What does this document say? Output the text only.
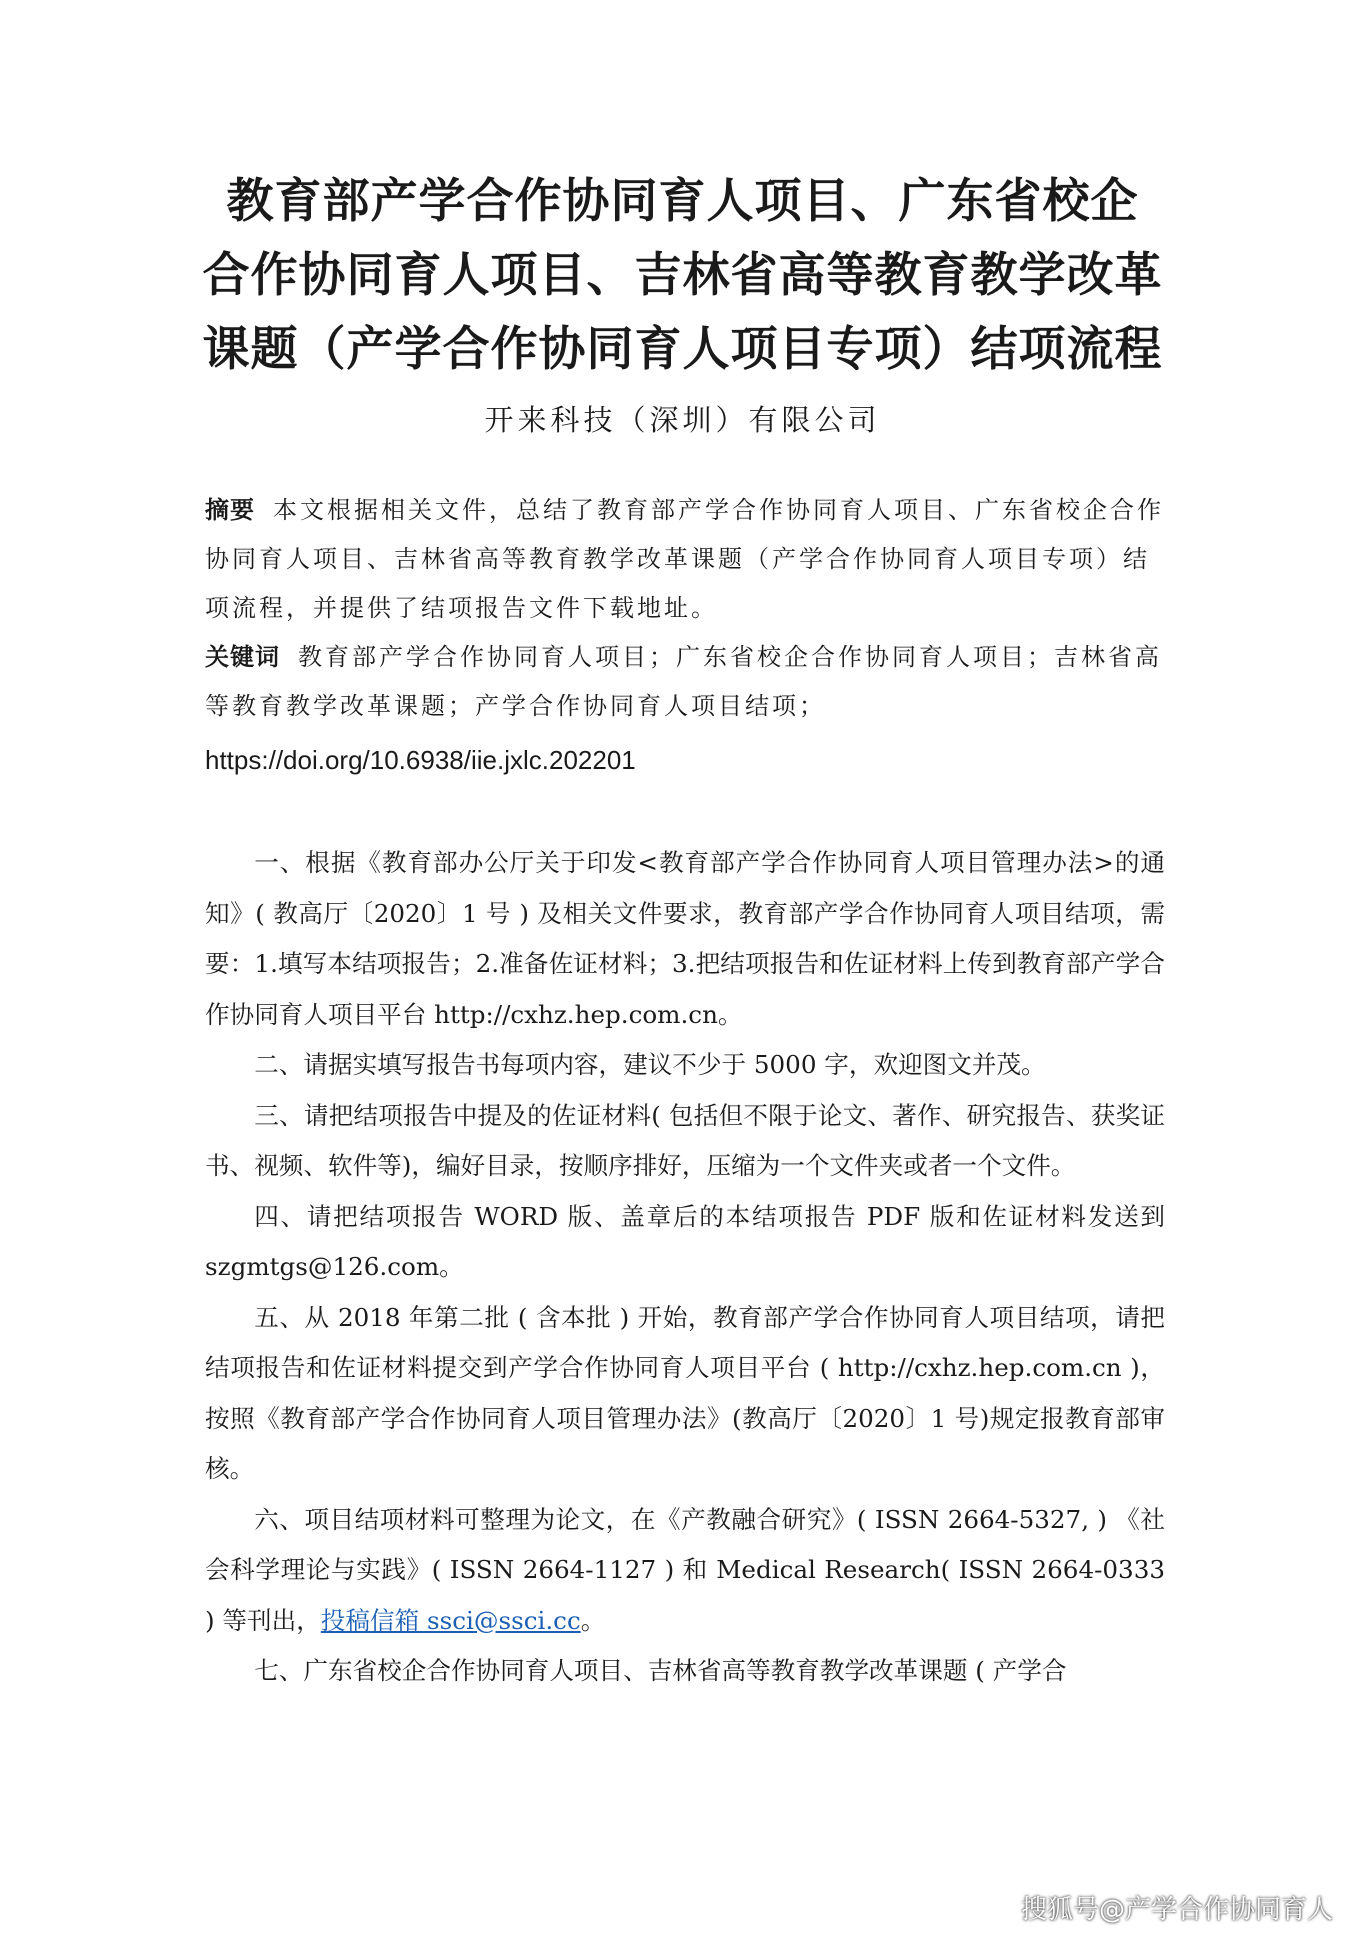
教育部产学合作协同育人项目、广东省校企
合作协同育人项目、吉林省高等教育教学改革
课题（产学合作协同育人项目专项）结项流程
开来科技（深圳）有限公司
摘要 本文根据相关文件，总结了教育部产学合作协同育人项目、广东省校企合作协同育人项目、吉林省高等教育教学改革课题（产学合作协同育人项目专项）结项流程，并提供了结项报告文件下载地址。
关键词 教育部产学合作协同育人项目；广东省校企合作协同育人项目；吉林省高等教育教学改革课题；产学合作协同育人项目结项；
https://doi.org/10.6938/iie.jxlc.202201

一、根据《教育部办公厅关于印发<教育部产学合作协同育人项目管理办法>的通知》( 教高厅〔2020〕1 号 ) 及相关文件要求，教育部产学合作协同育人项目结项，需要：1.填写本结项报告；2.准备佐证材料；3.把结项报告和佐证材料上传到教育部产学合作协同育人项目平台 http://cxhz.hep.com.cn。

二、请据实填写报告书每项内容，建议不少于 5000 字，欢迎图文并茂。

三、请把结项报告中提及的佐证材料( 包括但不限于论文、著作、研究报告、获奖证书、视频、软件等)，编好目录，按顺序排好，压缩为一个文件夹或者一个文件。

四、请把结项报告 WORD 版、盖章后的本结项报告 PDF 版和佐证材料发送到 szgmtgs@126.com。

五、从 2018 年第二批 ( 含本批 ) 开始，教育部产学合作协同育人项目结项，请把结项报告和佐证材料提交到产学合作协同育人项目平台 ( http://cxhz.hep.com.cn )，按照《教育部产学合作协同育人项目管理办法》(教高厅〔2020〕1 号)规定报教育部审核。

六、项目结项材料可整理为论文，在《产教融合研究》( ISSN 2664-5327, ) 《社会科学理论与实践》( ISSN 2664-1127 ) 和 Medical Research( ISSN 2664-0333 ) 等刊出，投稿信箱 ssci@ssci.cc。

七、广东省校企合作协同育人项目、吉林省高等教育教学改革课题 ( 产学合

搜狐号@产学合作协同育人
